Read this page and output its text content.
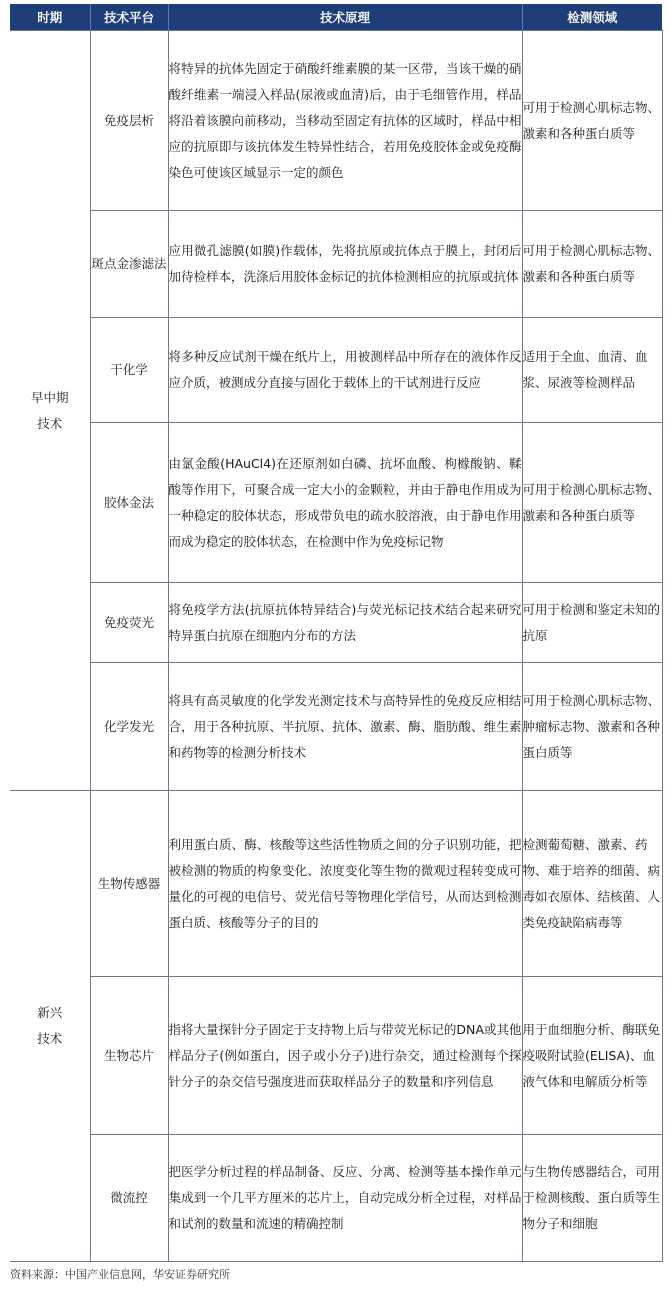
时期	技术平台	技术原理	检测领域
早中期
技术	免疫层析	将特异的抗体先固定于硝酸纤维素膜的某一区带，当该干燥的硝酸纤维素一端浸入样品(尿液或血清)后，由于毛细管作用，样品将沿着该膜向前移动，当移动至固定有抗体的区域时，样品中相应的抗原即与该抗体发生特异性结合，若用免疫胶体金或免疫酶染色可使该区域显示一定的颜色	可用于检测心肌标志物、激素和各种蛋白质等
	斑点金渗滤法	应用微孔滤膜(如膜)作载体，先将抗原或抗体点于膜上，封闭后加待检样本，洗涤后用胶体金标记的抗体检测相应的抗原或抗体	可用于检测心肌标志物、激素和各种蛋白质等
	干化学	将多种反应试剂干燥在纸片上，用被测样品中所存在的液体作反应介质，被测成分直接与固化于载体上的干试剂进行反应	适用于全血、血清、血浆、尿液等检测样品
	胶体金法	由氯金酸(HAuCl4)在还原剂如白磷、抗坏血酸、枸橼酸钠、鞣酸等作用下，可聚合成一定大小的金颗粒，并由于静电作用成为一种稳定的胶体状态，形成带负电的疏水胶溶液，由于静电作用而成为稳定的胶体状态，在检测中作为免疫标记物	可用于检测心肌标志物、激素和各种蛋白质等
	免疫荧光	将免疫学方法(抗原抗体特异结合)与荧光标记技术结合起来研究特异蛋白抗原在细胞内分布的方法	可用于检测和鉴定未知的抗原
	化学发光	将具有高灵敏度的化学发光测定技术与高特异性的免疫反应相结合，用于各种抗原、半抗原、抗体、激素、酶、脂肪酸、维生素和药物等的检测分析技术	可用于检测心肌标志物、肿瘤标志物、激素和各种蛋白质等
新兴
技术	生物传感器	利用蛋白质、酶、核酸等这些活性物质之间的分子识别功能，把被检测的物质的构象变化、浓度变化等生物的微观过程转变成可量化的可视的电信号、荧光信号等物理化学信号，从而达到检测蛋白质、核酸等分子的目的	检测葡萄糖、激素、药物、难于培养的细菌、病毒如衣原体、结核菌、人类免疫缺陷病毒等
	生物芯片	指将大量探针分子固定于支持物上后与带荧光标记的DNA或其他样品分子(例如蛋白，因子或小分子)进行杂交，通过检测每个探针分子的杂交信号强度进而获取样品分子的数量和序列信息	用于血细胞分析、酶联免疫吸附试验(ELISA)、血液气体和电解质分析等
	微流控	把医学分析过程的样品制备、反应、分离、检测等基本操作单元集成到一个几平方厘米的芯片上，自动完成分析全过程，对样品和试剂的数量和流速的精确控制	与生物传感器结合，司用于检测核酸、蛋白质等生物分子和细胞
资料来源：中国产业信息网，华安证券研究所
